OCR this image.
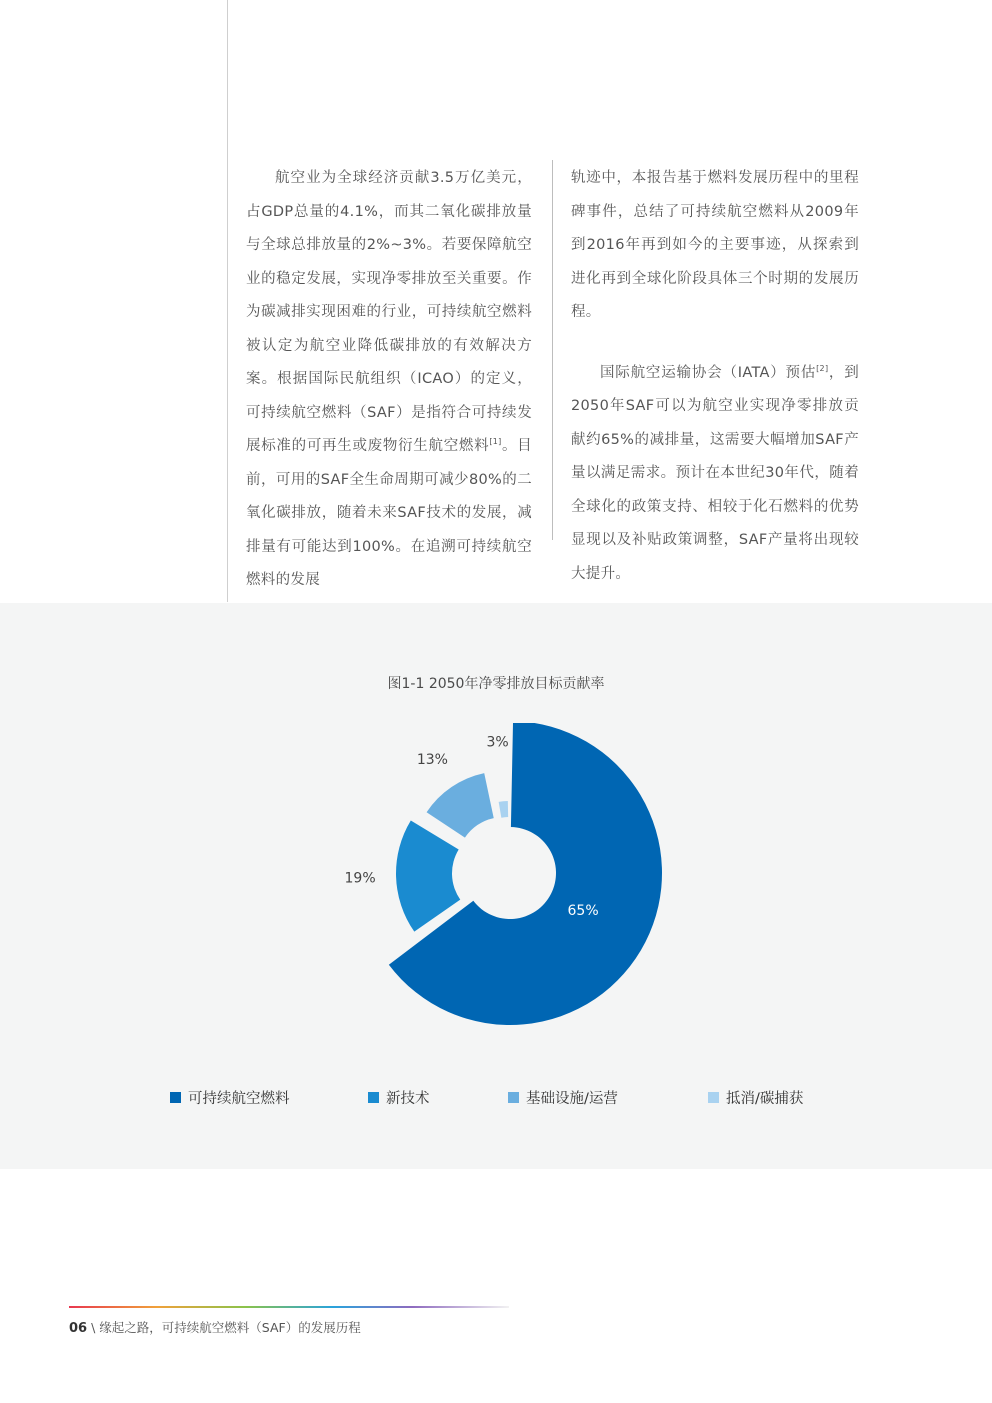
航空业为全球经济贡献3.5万亿美元，占GDP总量的4.1%，而其二氧化碳排放量与全球总排放量的2%~3%。若要保障航空业的稳定发展，实现净零排放至关重要。作为碳减排实现困难的行业，可持续航空燃料被认定为航空业降低碳排放的有效解决方案。根据国际民航组织（ICAO）的定义，可持续航空燃料（SAF）是指符合可持续发展标准的可再生或废物衍生航空燃料[1]。目前，可用的SAF全生命周期可减少80%的二氧化碳排放，随着未来SAF技术的发展，减排量有可能达到100%。在追溯可持续航空燃料的发展

轨迹中，本报告基于燃料发展历程中的里程碑事件，总结了可持续航空燃料从2009年到2016年再到如今的主要事迹，从探索到进化再到全球化阶段具体三个时期的发展历程。

国际航空运输协会（IATA）预估[2]，到2050年SAF可以为航空业实现净零排放贡献约65%的减排量，这需要大幅增加SAF产量以满足需求。预计在本世纪30年代，随着全球化的政策支持、相较于化石燃料的优势显现以及补贴政策调整，SAF产量将出现较大提升。

图1-1 2050年净零排放目标贡献率
65%
19%
13%
3%
可持续航空燃料	新技术	基础设施/运营	抵消/碳捕获
06 \ 缘起之路，可持续航空燃料（SAF）的发展历程
